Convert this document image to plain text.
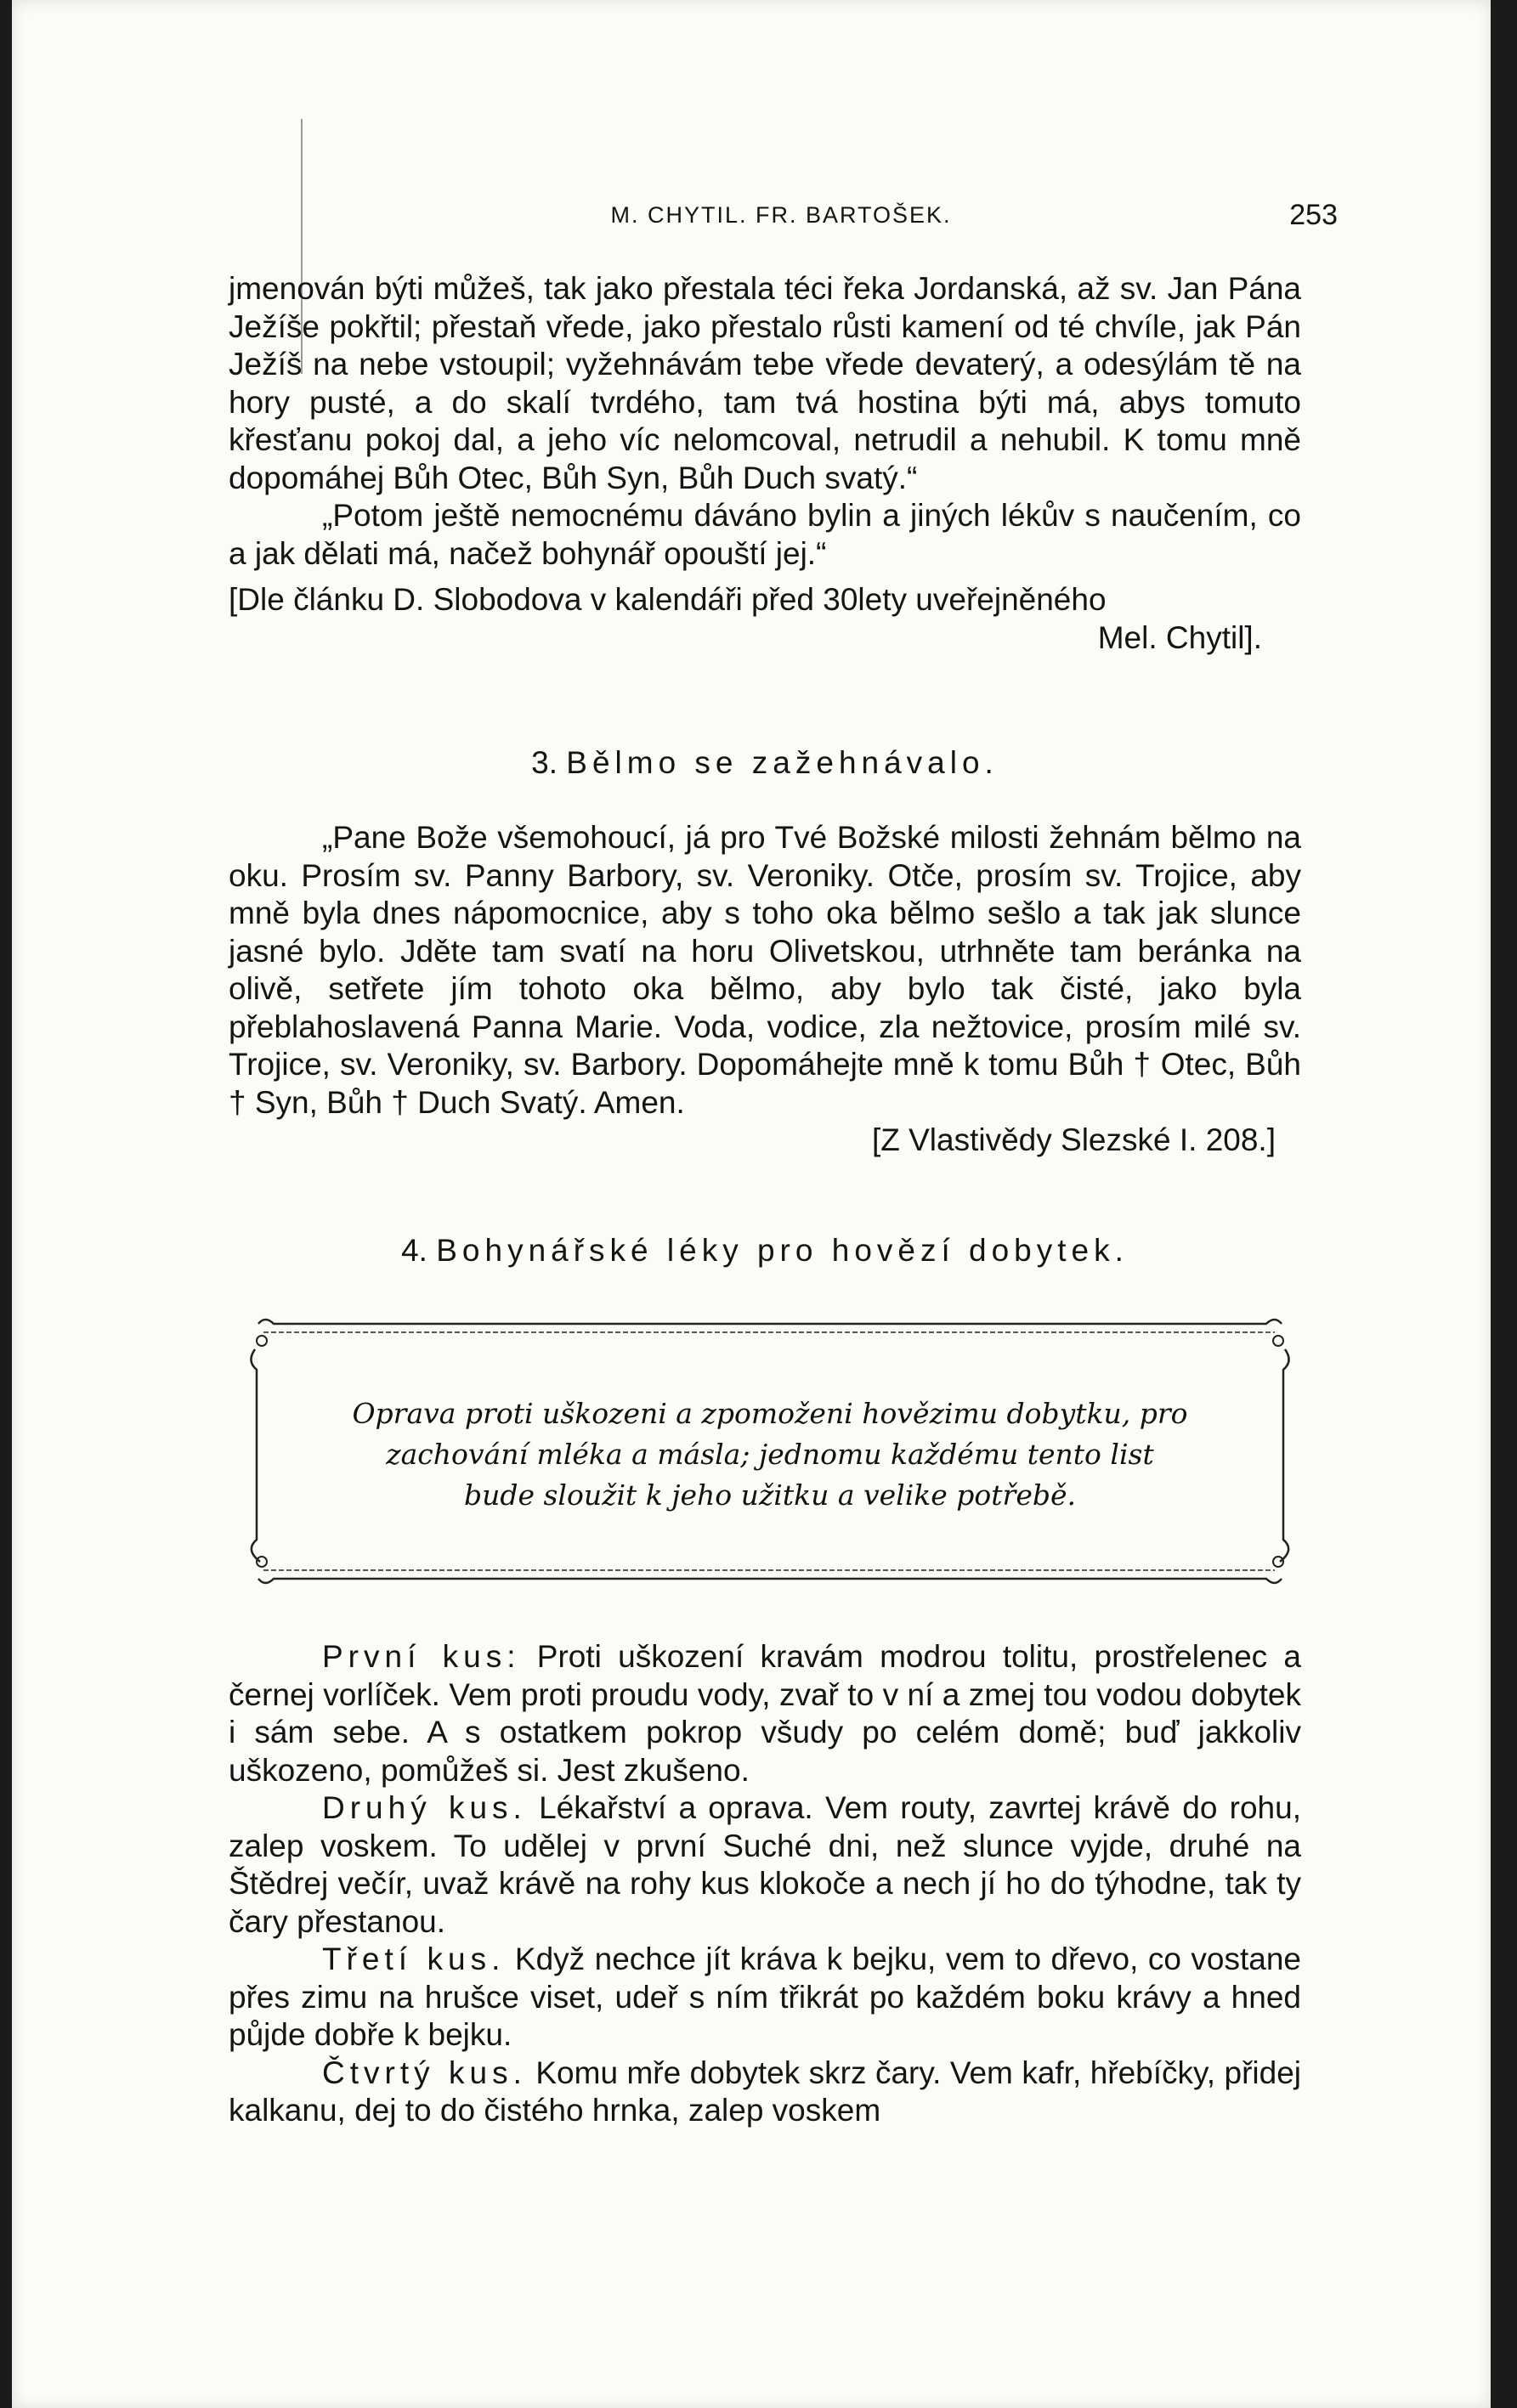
M. CHYTIL. FR. BARTOŠEK.	253

jmenován býti můžeš, tak jako přestala téci řeka Jordanská, až sv. Jan Pána Ježíše pokřtil; přestaň vřede, jako přestalo růsti kamení od té chvíle, jak Pán Ježíš na nebe vstoupil; vyžehnávám tebe vřede devaterý, a odesýlám tě na hory pusté, a do skalí tvrdého, tam tvá hostina býti má, abys tomuto křesťanu pokoj dal, a jeho víc nelomcoval, netrudil a nehubil. K tomu mně dopomáhej Bůh Otec, Bůh Syn, Bůh Duch svatý.“

„Potom ještě nemocnému dáváno bylin a jiných lékův s naučením, co a jak dělati má, načež bohynář opouští jej.“

[Dle článku D. Slobodova v kalendáři před 30lety uveřejněného

Mel. Chytil].

3. Bělmo se zažehnávalo.

„Pane Bože všemohoucí, já pro Tvé Božské milosti žehnám bělmo na oku. Prosím sv. Panny Barbory, sv. Veroniky. Otče, prosím sv. Trojice, aby mně byla dnes nápomocnice, aby s toho oka bělmo sešlo a tak jak slunce jasné bylo. Jděte tam svatí na horu Olivetskou, utrhněte tam beránka na olivě, setřete jím tohoto oka bělmo, aby bylo tak čisté, jako byla přeblahoslavená Panna Marie. Voda, vodice, zla nežtovice, prosím milé sv. Trojice, sv. Veroniky, sv. Barbory. Dopomáhejte mně k tomu Bůh † Otec, Bůh † Syn, Bůh † Duch Svatý. Amen.

[Z Vlastivědy Slezské I. 208.]

4. Bohynářské léky pro hovězí dobytek.
Oprava proti uškozeni a zpomoženi hovězimu dobytku, pro
zachování mléka a másla; jednomu každému tento list
bude sloužit k jeho užitku a velike potřebě.

První kus: Proti uškození kravám modrou tolitu, prostřelenec a černej vorlíček. Vem proti proudu vody, zvař to v ní a zmej tou vodou dobytek i sám sebe. A s ostatkem pokrop všudy po celém domě; buď jakkoliv uškozeno, pomůžeš si. Jest zkušeno.

Druhý kus. Lékařství a oprava. Vem routy, zavrtej krávě do rohu, zalep voskem. To udělej v první Suché dni, než slunce vyjde, druhé na Štědrej večír, uvaž krávě na rohy kus klokoče a nech jí ho do týhodne, tak ty čary přestanou.

Třetí kus. Když nechce jít kráva k bejku, vem to dřevo, co vostane přes zimu na hrušce viset, udeř s ním třikrát po každém boku krávy a hned půjde dobře k bejku.

Čtvrtý kus. Komu mře dobytek skrz čary. Vem kafr, hřebíčky, přidej kalkanu, dej to do čistého hrnka, zalep voskem
